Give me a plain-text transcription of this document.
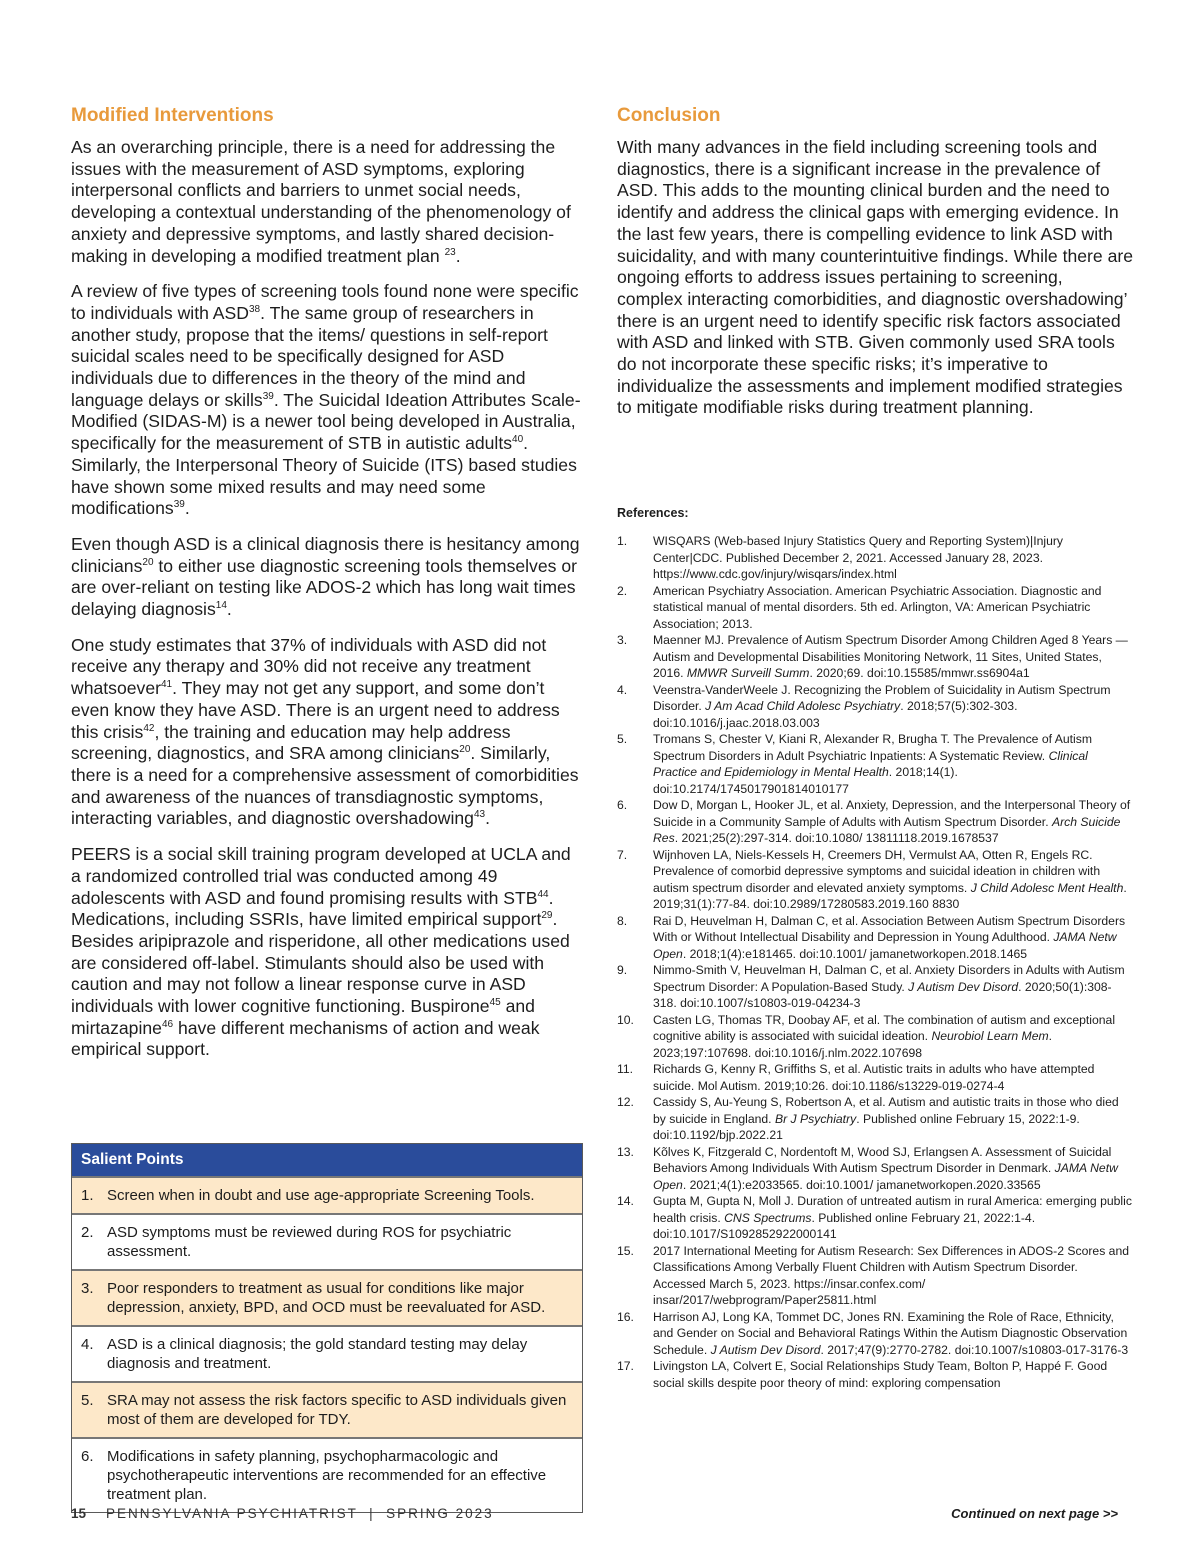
Modified Interventions

As an overarching principle, there is a need for addressing the issues with the measurement of ASD symptoms, exploring interpersonal conflicts and barriers to unmet social needs, developing a contextual understanding of the phenomenology of anxiety and depressive symptoms, and lastly shared decision-making in developing a modified treatment plan $^{23}$.

A review of five types of screening tools found none were specific to individuals with ASD$^{38}$. The same group of researchers in another study, propose that the items/ questions in self-report suicidal scales need to be specifically designed for ASD individuals due to differences in the theory of the mind and language delays or skills$^{39}$. The Suicidal Ideation Attributes Scale-Modified (SIDAS-M) is a newer tool being developed in Australia, specifically for the measurement of STB in autistic adults$^{40}$. Similarly, the Interpersonal Theory of Suicide (ITS) based studies have shown some mixed results and may need some modifications$^{39}$.

Even though ASD is a clinical diagnosis there is hesitancy among clinicians$^{20}$ to either use diagnostic screening tools themselves or are over-reliant on testing like ADOS-2 which has long wait times delaying diagnosis$^{14}$.

One study estimates that 37% of individuals with ASD did not receive any therapy and 30% did not receive any treatment whatsoever$^{41}$. They may not get any support, and some don’t even know they have ASD. There is an urgent need to address this crisis$^{42}$, the training and education may help address screening, diagnostics, and SRA among clinicians$^{20}$. Similarly, there is a need for a comprehensive assessment of comorbidities and awareness of the nuances of transdiagnostic symptoms, interacting variables, and diagnostic overshadowing$^{43}$.

PEERS is a social skill training program developed at UCLA and a randomized controlled trial was conducted among 49 adolescents with ASD and found promising results with STB$^{44}$. Medications, including SSRIs, have limited empirical support$^{29}$. Besides aripiprazole and risperidone, all other medications used are considered off-label. Stimulants should also be used with caution and may not follow a linear response curve in ASD individuals with lower cognitive functioning. Buspirone$^{45}$ and mirtazapine$^{46}$ have different mechanisms of action and weak empirical support.

Salient Points
1. Screen when in doubt and use age-appropriate Screening Tools.
2. ASD symptoms must be reviewed during ROS for psychiatric assessment.
3. Poor responders to treatment as usual for conditions like major depression, anxiety, BPD, and OCD must be reevaluated for ASD.
4. ASD is a clinical diagnosis; the gold standard testing may delay diagnosis and treatment.
5. SRA may not assess the risk factors specific to ASD individuals given most of them are developed for TDY.
6. Modifications in safety planning, psychopharmacologic and psychotherapeutic interventions are recommended for an effective treatment plan.
Conclusion

With many advances in the field including screening tools and diagnostics, there is a significant increase in the prevalence of ASD. This adds to the mounting clinical burden and the need to identify and address the clinical gaps with emerging evidence. In the last few years, there is compelling evidence to link ASD with suicidality, and with many counterintuitive findings. While there are ongoing efforts to address issues pertaining to screening, complex interacting comorbidities, and diagnostic overshadowing’ there is an urgent need to identify specific risk factors associated with ASD and linked with STB. Given commonly used SRA tools do not incorporate these specific risks; it’s imperative to individualize the assessments and implement modified strategies to mitigate modifiable risks during treatment planning.

References:
1.	WISQARS (Web-based Injury Statistics Query and Reporting System)|Injury Center|CDC. Published December 2, 2021. Accessed January 28, 2023. https://www.cdc.gov/injury/wisqars/index.html
2.	American Psychiatry Association. American Psychiatric Association. Diagnostic and statistical manual of mental disorders. 5th ed. Arlington, VA: American Psychiatric Association; 2013.
3.	Maenner MJ. Prevalence of Autism Spectrum Disorder Among Children Aged 8 Years — Autism and Developmental Disabilities Monitoring Network, 11 Sites, United States, 2016. MMWR Surveill Summ. 2020;69. doi:10.15585/mmwr.ss6904a1
4.	Veenstra-VanderWeele J. Recognizing the Problem of Suicidality in Autism Spectrum Disorder. J Am Acad Child Adolesc Psychiatry. 2018;57(5):302-303. doi:10.1016/j.jaac.2018.03.003
5.	Tromans S, Chester V, Kiani R, Alexander R, Brugha T. The Prevalence of Autism Spectrum Disorders in Adult Psychiatric Inpatients: A Systematic Review. Clinical Practice and Epidemiology in Mental Health. 2018;14(1). doi:10.2174/1745017901814010177
6.	Dow D, Morgan L, Hooker JL, et al. Anxiety, Depression, and the Interpersonal Theory of Suicide in a Community Sample of Adults with Autism Spectrum Disorder. Arch Suicide Res. 2021;25(2):297-314. doi:10.1080/ 13811118.2019.1678537
7.	Wijnhoven LA, Niels-Kessels H, Creemers DH, Vermulst AA, Otten R, Engels RC. Prevalence of comorbid depressive symptoms and suicidal ideation in children with autism spectrum disorder and elevated anxiety symptoms. J Child Adolesc Ment Health. 2019;31(1):77-84. doi:10.2989/17280583.2019.160 8830
8.	Rai D, Heuvelman H, Dalman C, et al. Association Between Autism Spectrum Disorders With or Without Intellectual Disability and Depression in Young Adulthood. JAMA Netw Open. 2018;1(4):e181465. doi:10.1001/ jamanetworkopen.2018.1465
9.	Nimmo-Smith V, Heuvelman H, Dalman C, et al. Anxiety Disorders in Adults with Autism Spectrum Disorder: A Population-Based Study. J Autism Dev Disord. 2020;50(1):308-318. doi:10.1007/s10803-019-04234-3
10.	Casten LG, Thomas TR, Doobay AF, et al. The combination of autism and exceptional cognitive ability is associated with suicidal ideation. Neurobiol Learn Mem. 2023;197:107698. doi:10.1016/j.nlm.2022.107698
11.	Richards G, Kenny R, Griffiths S, et al. Autistic traits in adults who have attempted suicide. Mol Autism. 2019;10:26. doi:10.1186/s13229-019-0274-4
12.	Cassidy S, Au-Yeung S, Robertson A, et al. Autism and autistic traits in those who died by suicide in England. Br J Psychiatry. Published online February 15, 2022:1-9. doi:10.1192/bjp.2022.21
13.	Kõlves K, Fitzgerald C, Nordentoft M, Wood SJ, Erlangsen A. Assessment of Suicidal Behaviors Among Individuals With Autism Spectrum Disorder in Denmark. JAMA Netw Open. 2021;4(1):e2033565. doi:10.1001/ jamanetworkopen.2020.33565
14.	Gupta M, Gupta N, Moll J. Duration of untreated autism in rural America: emerging public health crisis. CNS Spectrums. Published online February 21, 2022:1-4. doi:10.1017/S1092852922000141
15.	2017 International Meeting for Autism Research: Sex Differences in ADOS-2 Scores and Classifications Among Verbally Fluent Children with Autism Spectrum Disorder. Accessed March 5, 2023. https://insar.confex.com/ insar/2017/webprogram/Paper25811.html
16.	Harrison AJ, Long KA, Tommet DC, Jones RN. Examining the Role of Race, Ethnicity, and Gender on Social and Behavioral Ratings Within the Autism Diagnostic Observation Schedule. J Autism Dev Disord. 2017;47(9):2770-2782. doi:10.1007/s10803-017-3176-3
17.	Livingston LA, Colvert E, Social Relationships Study Team, Bolton P, Happé F. Good social skills despite poor theory of mind: exploring compensation
15 PENNSYLVANIA PSYCHIATRIST  |  SPRING 2023	Continued on next page >>
